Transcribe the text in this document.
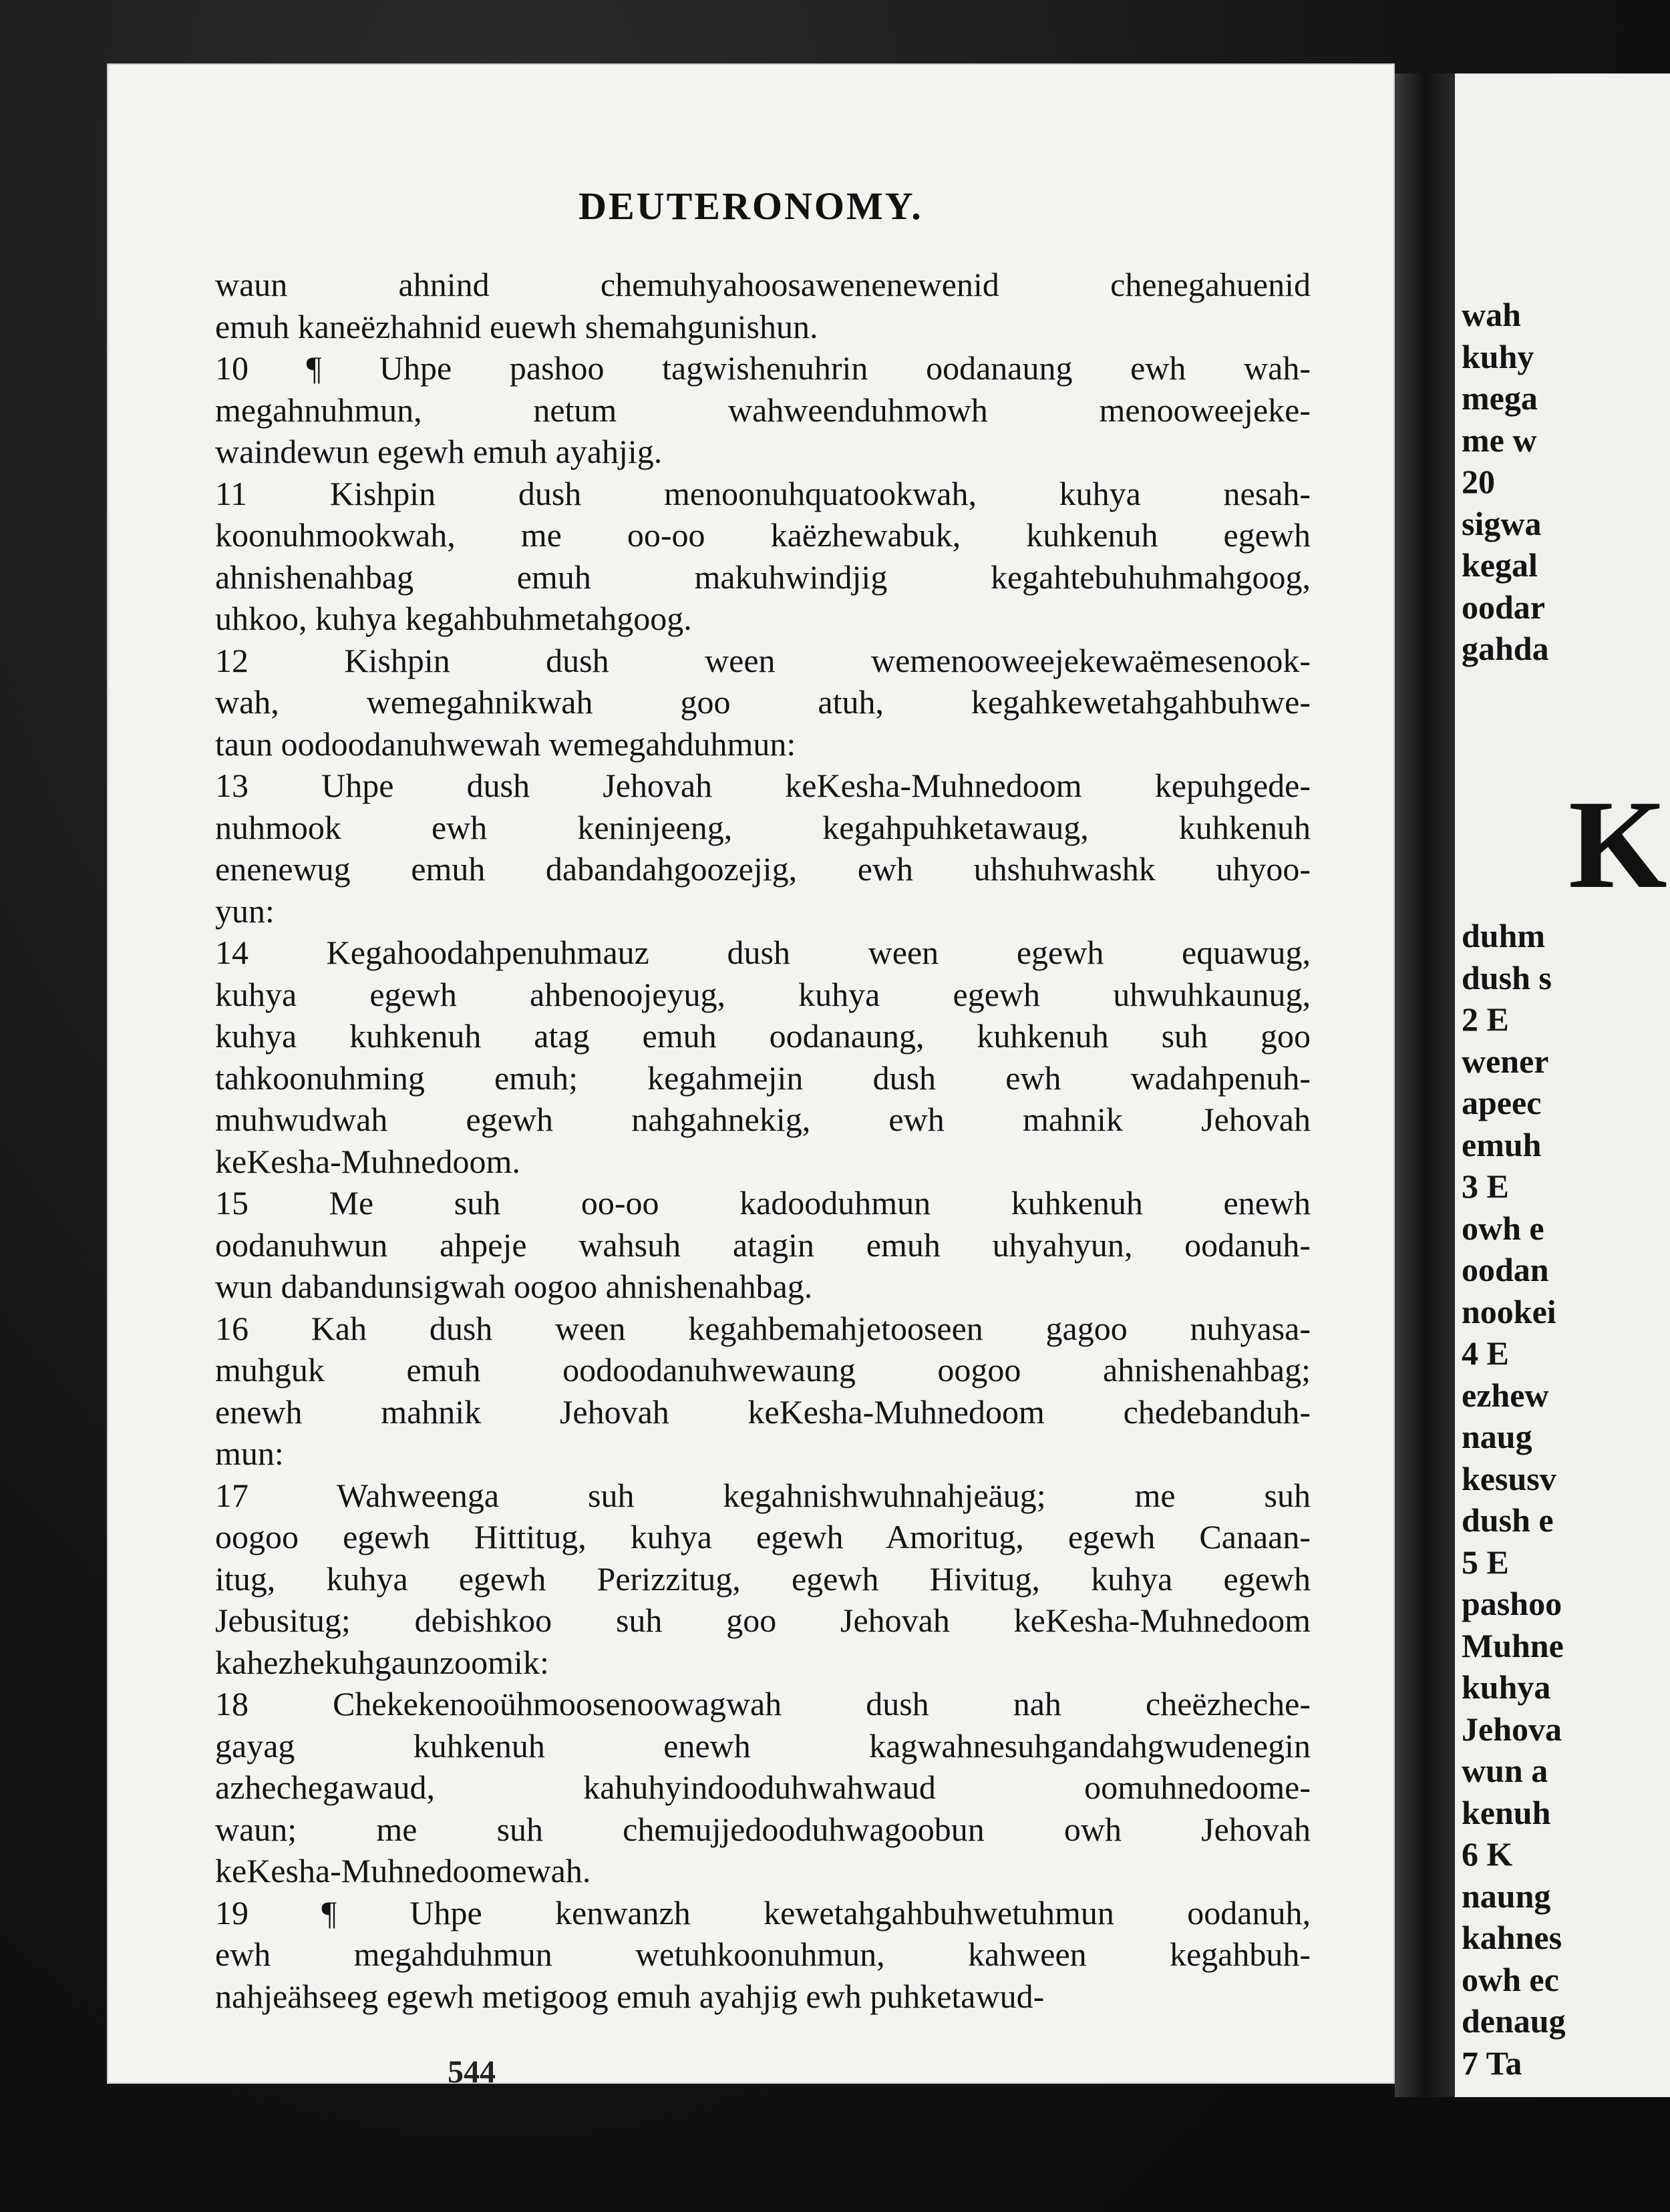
DEUTERONOMY.
waun ahnind chemuhyahoosawenenewenid chenegahuenid
emuh kaneëzhahnid euewh shemahgunishun.
10 ¶ Uhpe pashoo tagwishenuhrin oodanaung ewh wah-
megahnuhmun, netum wahweenduhmowh menooweejeke-
waindewun egewh emuh ayahjig.
11 Kishpin dush menoonuhquatookwah, kuhya nesah-
koonuhmookwah, me oo-oo kaëzhewabuk, kuhkenuh egewh
ahnishenahbag emuh makuhwindjig kegahtebuhuhmahgoog,
uhkoo, kuhya kegahbuhmetahgoog.
12 Kishpin dush ween wemenooweejekewaëmesenook-
wah, wemegahnikwah goo atuh, kegahkewetahgahbuhwe-
taun oodoodanuhwewah wemegahduhmun:
13 Uhpe dush Jehovah keKesha-Muhnedoom kepuhgede-
nuhmook ewh keninjeeng, kegahpuhketawaug, kuhkenuh
enenewug emuh dabandahgoozejig, ewh uhshuhwashk uhyoo-
yun:
14 Kegahoodahpenuhmauz dush ween egewh equawug,
kuhya egewh ahbenoojeyug, kuhya egewh uhwuhkaunug,
kuhya kuhkenuh atag emuh oodanaung, kuhkenuh suh goo
tahkoonuhming emuh; kegahmejin dush ewh wadahpenuh-
muhwudwah egewh nahgahnekig, ewh mahnik Jehovah
keKesha-Muhnedoom.
15 Me suh oo-oo kadooduhmun kuhkenuh enewh
oodanuhwun ahpeje wahsuh atagin emuh uhyahyun, oodanuh-
wun dabandunsigwah oogoo ahnishenahbag.
16 Kah dush ween kegahbemahjetooseen gagoo nuhyasa-
muhguk emuh oodoodanuhwewaung oogoo ahnishenahbag;
enewh mahnik Jehovah keKesha-Muhnedoom chedebanduh-
mun:
17 Wahweenga suh kegahnishwuhnahjeäug; me suh
oogoo egewh Hittitug, kuhya egewh Amoritug, egewh Canaan-
itug, kuhya egewh Perizzitug, egewh Hivitug, kuhya egewh
Jebusitug; debishkoo suh goo Jehovah keKesha-Muhnedoom
kahezhekuhgaunzoomik:
18 Chekekenooühmoosenoowagwah dush nah cheëzheche-
gayag kuhkenuh enewh kagwahnesuhgandahgwudenegin
azhechegawaud, kahuhyindooduhwahwaud oomuhnedoome-
waun; me suh chemujjedooduhwagoobun owh Jehovah
keKesha-Muhnedoomewah.
19 ¶ Uhpe kenwanzh kewetahgahbuhwetuhmun oodanuh,
ewh megahduhmun wetuhkoonuhmun, kahween kegahbuh-
nahjeähseeg egewh metigoog emuh ayahjig ewh puhketawud-
544
wah
kuhy
mega
me w
20
sigwa
kegal
oodar
gahda
K
duhm
dush s
2 E
wener
apeec
emuh
3 E
owh e
oodan
nookei
4 E
ezhew
naug
kesusv
dush e
5 E
pashoo
Muhne
kuhya
Jehova
wun a
kenuh
6 K
naung
kahnes
owh ec
denaug
7 Ta
